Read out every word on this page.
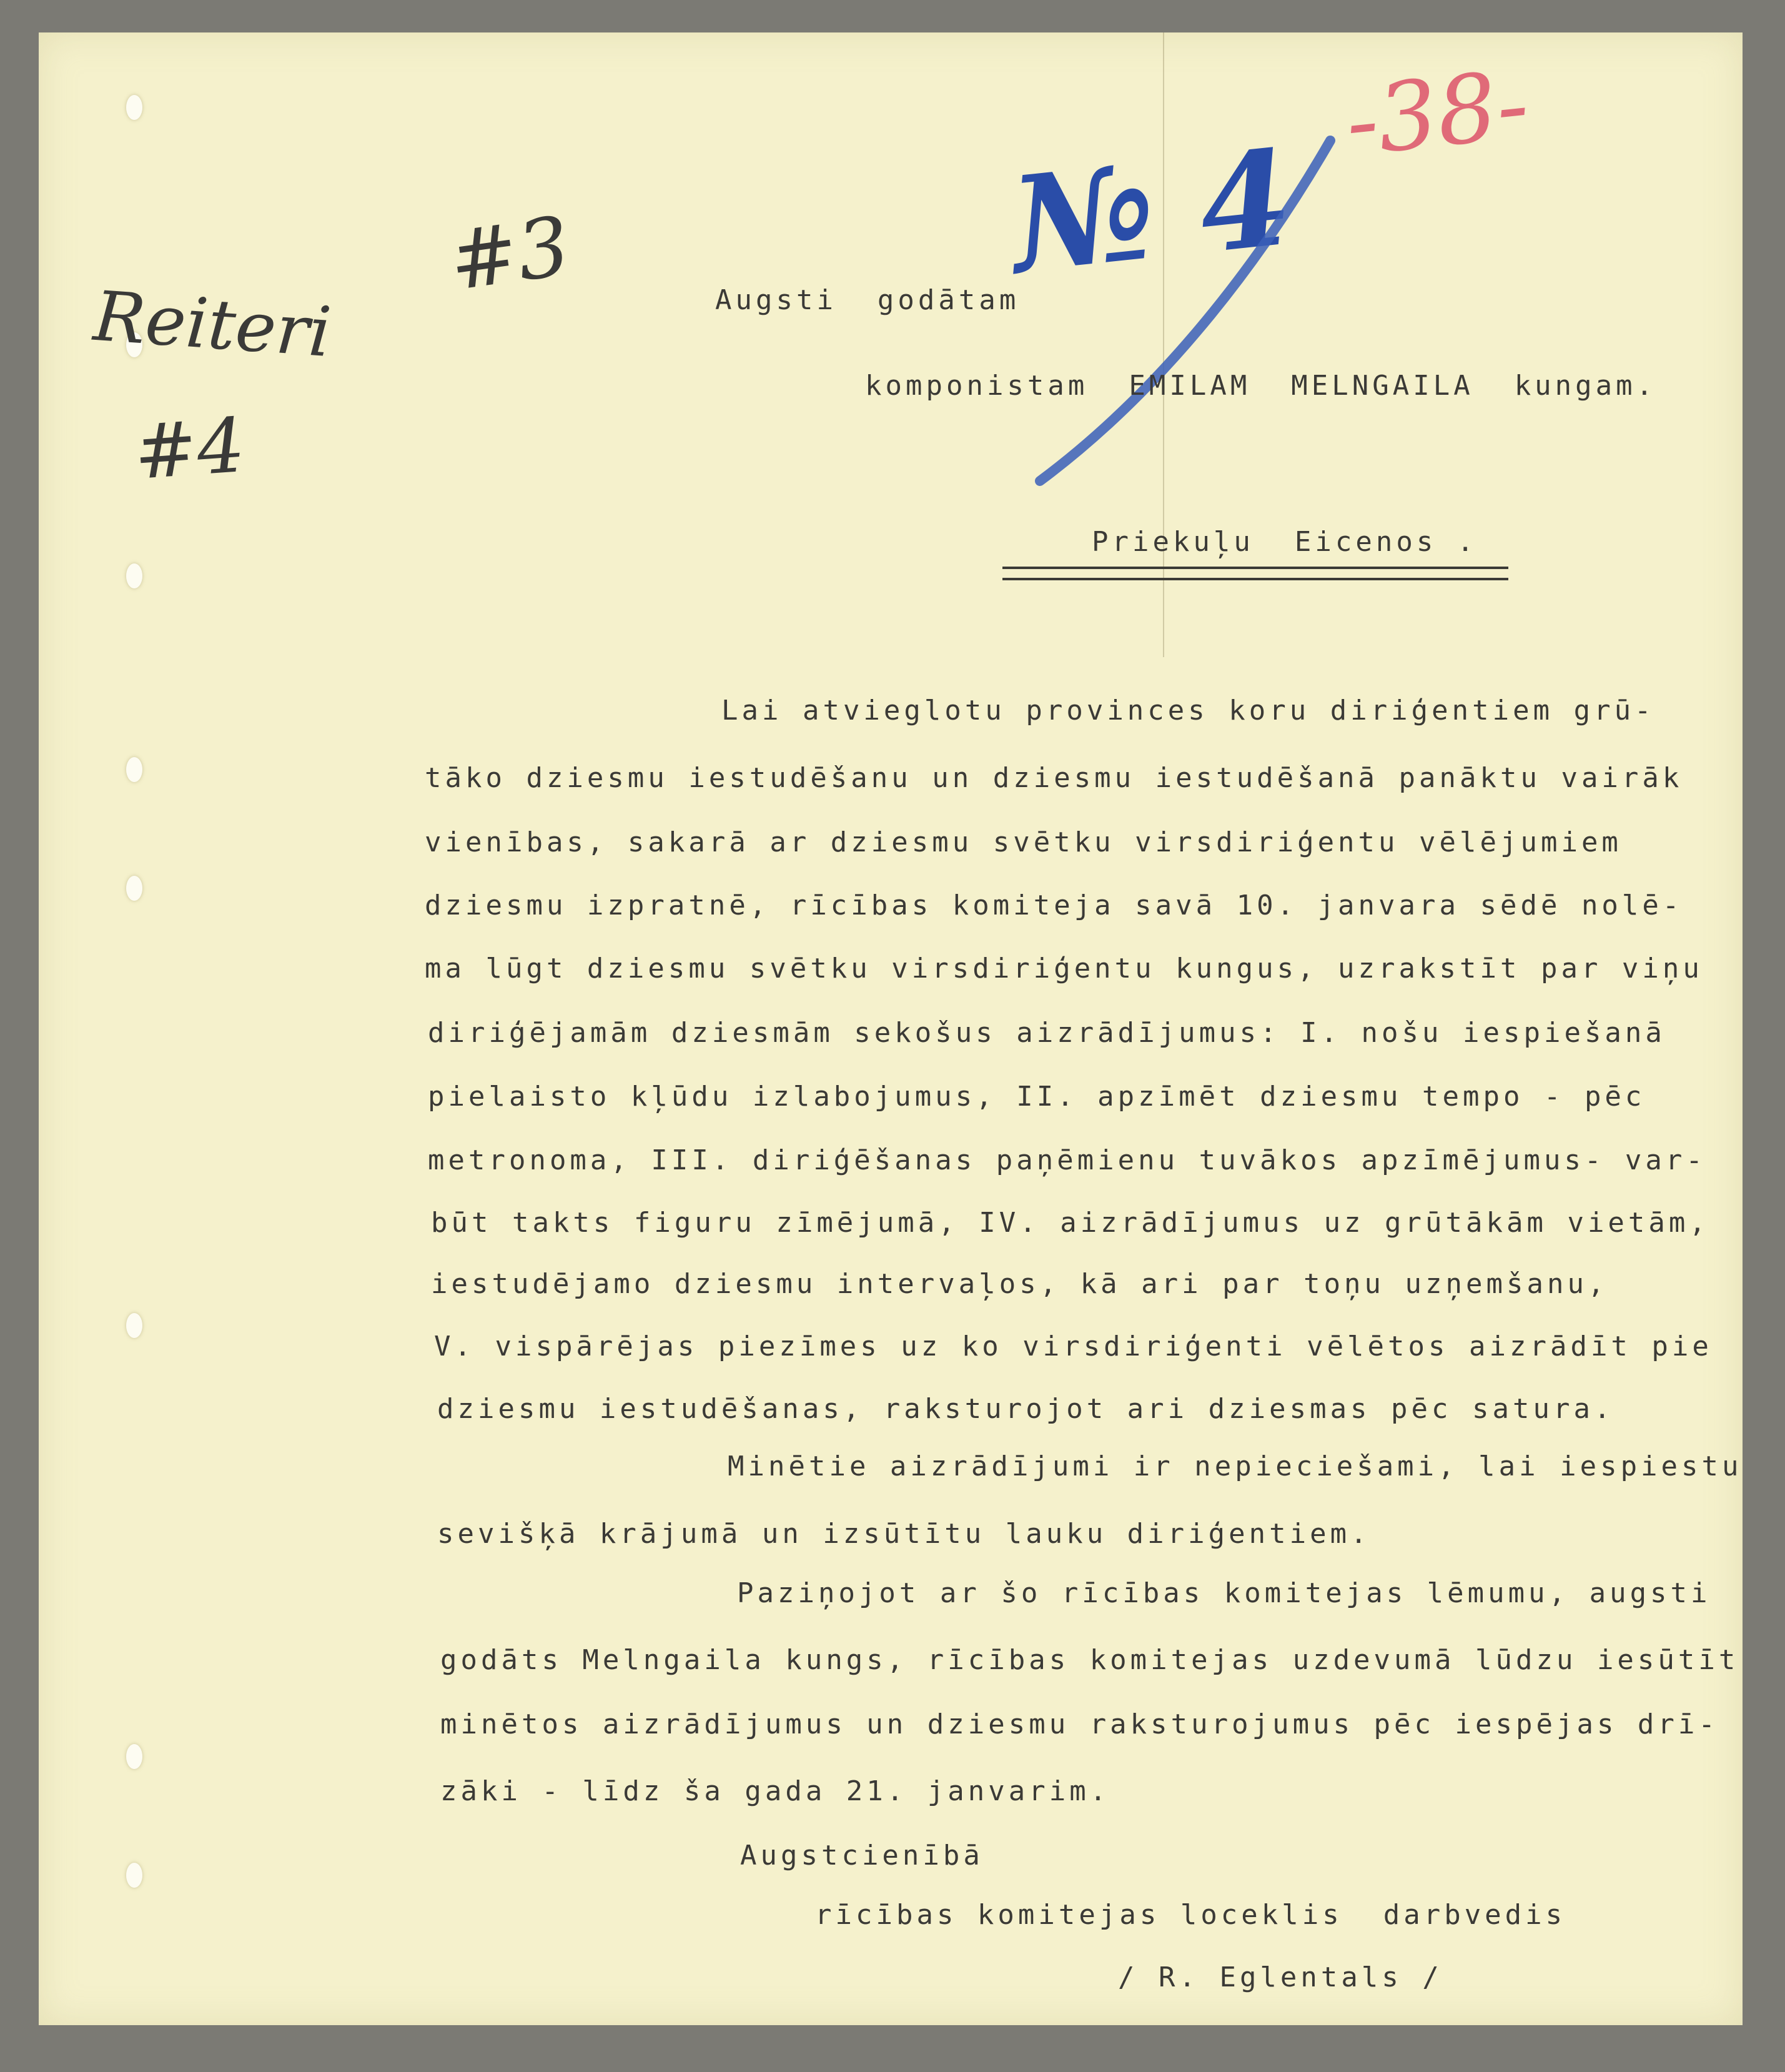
#3
Reiteri
#4
№ 4
-38-
Augsti  godātam
komponistam  EMILAM  MELNGAILA  kungam.
Priekuļu  Eicenos .
Lai atvieglotu provinces koru diriģentiem grū-
tāko dziesmu iestudēšanu un dziesmu iestudēšanā panāktu vairāk
vienības, sakarā ar dziesmu svētku virsdiriģentu vēlējumiem
dziesmu izpratnē, rīcības komiteja savā 10. janvara sēdē nolē-
ma lūgt dziesmu svētku virsdiriģentu kungus, uzrakstīt par viņu
diriģējamām dziesmām sekošus aizrādījumus: I. nošu iespiešanā
pielaisto kļūdu izlabojumus, II. apzīmēt dziesmu tempo - pēc
metronoma, III. diriģēšanas paņēmienu tuvākos apzīmējumus- var-
būt takts figuru zīmējumā, IV. aizrādījumus uz grūtākām vietām,
iestudējamo dziesmu intervaļos, kā ari par toņu uzņemšanu,
V. vispārējas piezīmes uz ko virsdiriģenti vēlētos aizrādīt pie
dziesmu iestudēšanas, raksturojot ari dziesmas pēc satura.
Minētie aizrādījumi ir nepieciešami, lai iespiestu
sevišķā krājumā un izsūtītu lauku diriģentiem.
Paziņojot ar šo rīcības komitejas lēmumu, augsti
godāts Melngaila kungs, rīcības komitejas uzdevumā lūdzu iesūtīt
minētos aizrādījumus un dziesmu raksturojumus pēc iespējas drī-
zāki - līdz ša gada 21. janvarim.
Augstcienībā
rīcības komitejas loceklis  darbvedis
/ R. Eglentals /
